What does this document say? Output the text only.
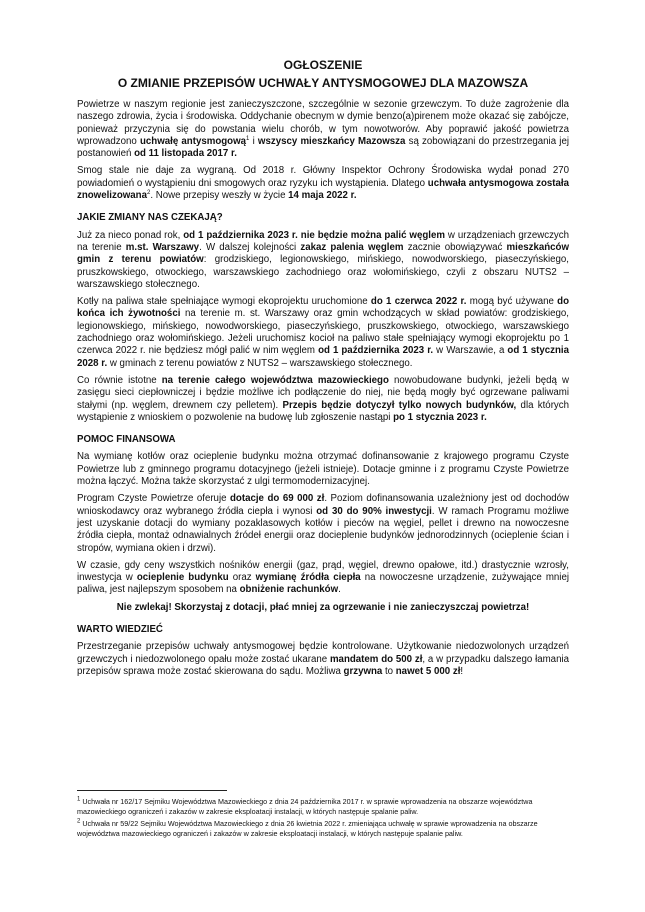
OGŁOSZENIE

O ZMIANIE PRZEPISÓW UCHWAŁY ANTYSMOGOWEJ DLA MAZOWSZA

Powietrze w naszym regionie jest zanieczyszczone, szczególnie w sezonie grzewczym. To duże zagrożenie dla naszego zdrowia, życia i środowiska. Oddychanie obecnym w dymie benzo(a)pirenem może okazać się zabójcze, ponieważ przyczynia się do powstania wielu chorób, w tym nowotworów. Aby poprawić jakość powietrza wprowadzono uchwałę antysmogową$^1$ i wszyscy mieszkańcy Mazowsza są zobowiązani do przestrzegania jej postanowień od 11 listopada 2017 r.

Smog stale nie daje za wygraną. Od 2018 r. Główny Inspektor Ochrony Środowiska wydał ponad 270 powiadomień o wystąpieniu dni smogowych oraz ryzyku ich wystąpienia. Dlatego uchwała antysmogowa została znowelizowana$^2$. Nowe przepisy weszły w życie 14 maja 2022 r.

JAKIE ZMIANY NAS CZEKAJĄ?

Już za nieco ponad rok, od 1 października 2023 r. nie będzie można palić węglem w urządzeniach grzewczych na terenie m.st. Warszawy. W dalszej kolejności zakaz palenia węglem zacznie obowiązywać mieszkańców gmin z terenu powiatów: grodziskiego, legionowskiego, mińskiego, nowodworskiego, piaseczyńskiego, pruszkowskiego, otwockiego, warszawskiego zachodniego oraz wołomińskiego, czyli z obszaru NUTS2 – warszawskiego stołecznego.

Kotły na paliwa stałe spełniające wymogi ekoprojektu uruchomione do 1 czerwca 2022 r. mogą być używane do końca ich żywotności na terenie m. st. Warszawy oraz gmin wchodzących w skład powiatów: grodziskiego, legionowskiego, mińskiego, nowodworskiego, piaseczyńskiego, pruszkowskiego, otwockiego, warszawskiego zachodniego oraz wołomińskiego. Jeżeli uruchomisz kocioł na paliwo stałe spełniający wymogi ekoprojektu po 1 czerwca 2022 r. nie będziesz mógł palić w nim węglem od 1 października 2023 r. w Warszawie, a od 1 stycznia 2028 r. w gminach z terenu powiatów z NUTS2 – warszawskiego stołecznego.

Co równie istotne na terenie całego województwa mazowieckiego nowobudowane budynki, jeżeli będą w zasięgu sieci ciepłowniczej i będzie możliwe ich podłączenie do niej, nie będą mogły być ogrzewane paliwami stałymi (np. węglem, drewnem czy pelletem). Przepis będzie dotyczył tylko nowych budynków, dla których wystąpienie z wnioskiem o pozwolenie na budowę lub zgłoszenie nastąpi po 1 stycznia 2023 r.

POMOC FINANSOWA

Na wymianę kotłów oraz ocieplenie budynku można otrzymać dofinansowanie z krajowego programu Czyste Powietrze lub z gminnego programu dotacyjnego (jeżeli istnieje). Dotacje gminne i z programu Czyste Powietrze można łączyć. Można także skorzystać z ulgi termomodernizacyjnej.

Program Czyste Powietrze oferuje dotacje do 69 000 zł. Poziom dofinansowania uzależniony jest od dochodów wnioskodawcy oraz wybranego źródła ciepła i wynosi od 30 do 90% inwestycji. W ramach Programu możliwe jest uzyskanie dotacji do wymiany pozaklasowych kotłów i pieców na węgiel, pellet i drewno na nowoczesne źródła ciepła, montaż odnawialnych źródeł energii oraz docieplenie budynków jednorodzinnych (ocieplenie ścian i stropów, wymiana okien i drzwi).

W czasie, gdy ceny wszystkich nośników energii (gaz, prąd, węgiel, drewno opałowe, itd.) drastycznie wzrosły, inwestycja w ocieplenie budynku oraz wymianę źródła ciepła na nowoczesne urządzenie, zużywające mniej paliwa, jest najlepszym sposobem na obniżenie rachunków.

Nie zwlekaj! Skorzystaj z dotacji, płać mniej za ogrzewanie i nie zanieczyszczaj powietrza!

WARTO WIEDZIEĆ

Przestrzeganie przepisów uchwały antysmogowej będzie kontrolowane. Użytkowanie niedozwolonych urządzeń grzewczych i niedozwolonego opału może zostać ukarane mandatem do 500 zł, a w przypadku dalszego łamania przepisów sprawa może zostać skierowana do sądu. Możliwa grzywna to nawet 5 000 zł!

$^1$ Uchwała nr 162/17 Sejmiku Województwa Mazowieckiego z dnia 24 października 2017 r. w sprawie wprowadzenia na obszarze województwa mazowieckiego ograniczeń i zakazów w zakresie eksploatacji instalacji, w których następuje spalanie paliw.

$^2$ Uchwała nr 59/22 Sejmiku Województwa Mazowieckiego z dnia 26 kwietnia 2022 r. zmieniająca uchwałę w sprawie wprowadzenia na obszarze województwa mazowieckiego ograniczeń i zakazów w zakresie eksploatacji instalacji, w których następuje spalanie paliw.
